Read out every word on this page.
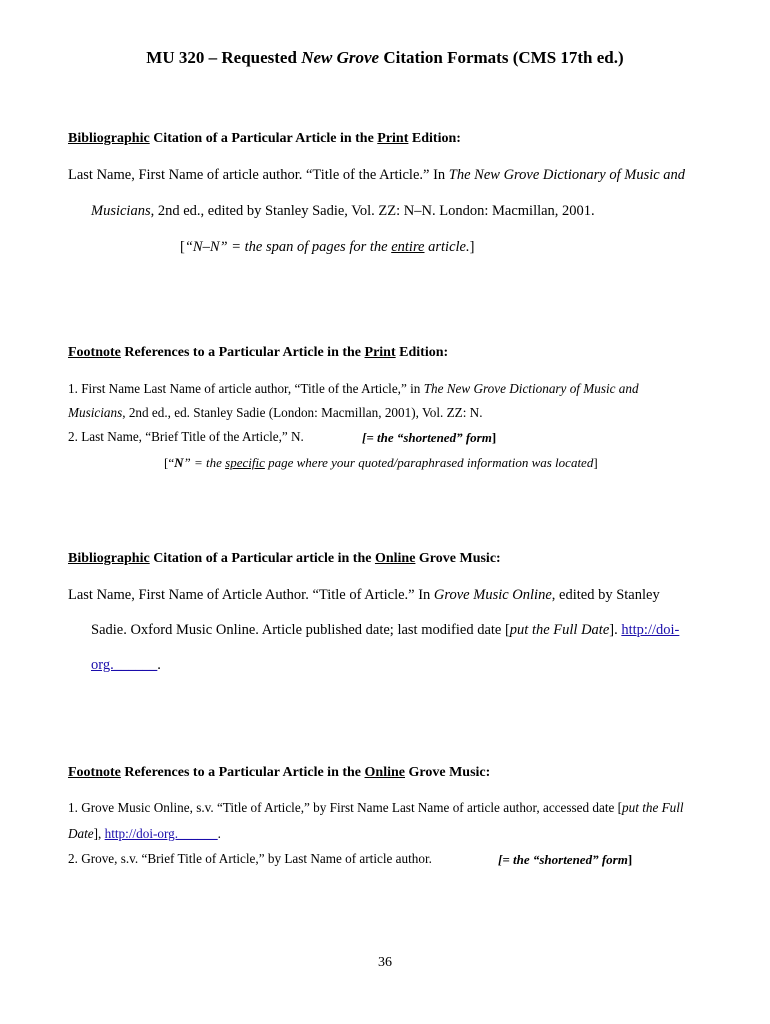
MU 320 – Requested New Grove Citation Formats (CMS 17th ed.)
Bibliographic Citation of a Particular Article in the Print Edition:
Last Name, First Name of article author. “Title of the Article.” In The New Grove Dictionary of Music and
Musicians, 2nd ed., edited by Stanley Sadie, Vol. ZZ: N–N. London: Macmillan, 2001.
[“N–N” = the span of pages for the entire article.]
Footnote References to a Particular Article in the Print Edition:
1. First Name Last Name of article author, “Title of the Article,” in The New Grove Dictionary of Music and
Musicians, 2nd ed., ed. Stanley Sadie (London: Macmillan, 2001), Vol. ZZ: N.
2. Last Name, “Brief Title of the Article,” N.	[= the “shortened” form]
[“N” = the specific page where your quoted/paraphrased information was located]
Bibliographic Citation of a Particular article in the Online Grove Music:
Last Name, First Name of Article Author. “Title of Article.” In Grove Music Online, edited by Stanley
Sadie. Oxford Music Online. Article published date; last modified date [put the Full Date]. http://doi-
org.______.
Footnote References to a Particular Article in the Online Grove Music:
1. Grove Music Online, s.v. “Title of Article,” by First Name Last Name of article author, accessed date [put the Full
Date], http://doi-org.______.
2. Grove, s.v. “Brief Title of Article,” by Last Name of article author.	[= the “shortened” form]
36
